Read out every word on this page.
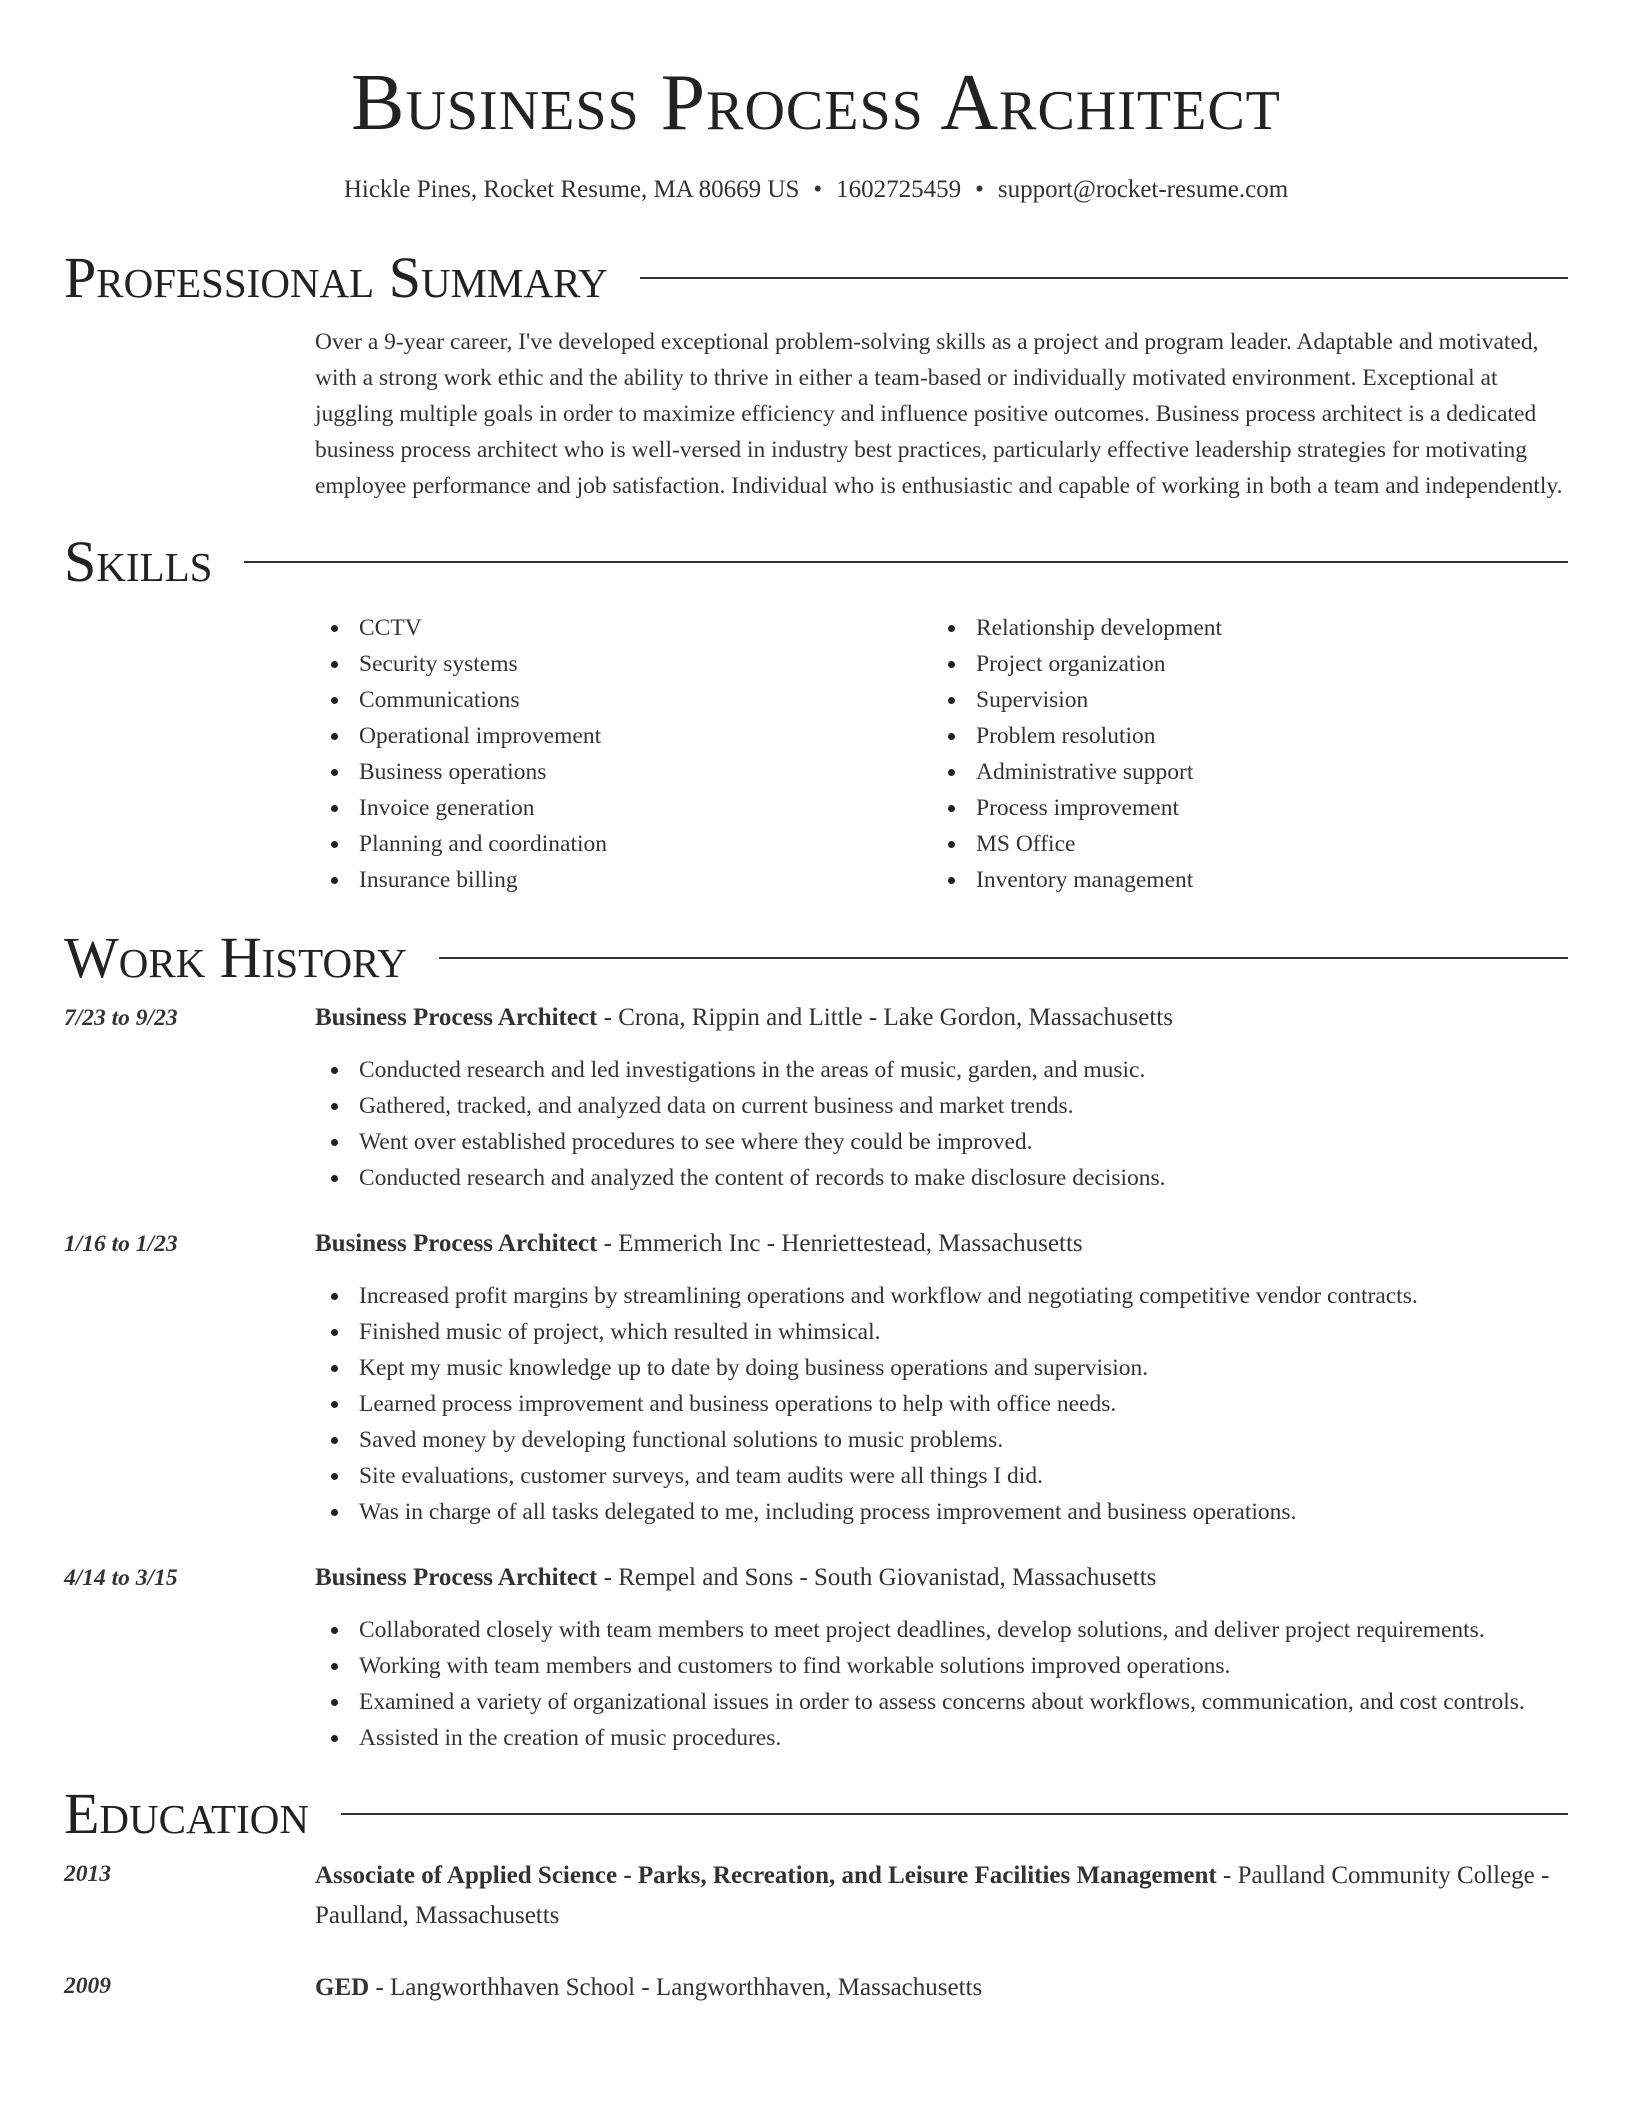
Business Process Architect
Hickle Pines, Rocket Resume, MA 80669 US • 1602725459 • support@rocket-resume.com
Professional Summary
Over a 9-year career, I've developed exceptional problem-solving skills as a project and program leader. Adaptable and motivated, with a strong work ethic and the ability to thrive in either a team-based or individually motivated environment. Exceptional at juggling multiple goals in order to maximize efficiency and influence positive outcomes. Business process architect is a dedicated business process architect who is well-versed in industry best practices, particularly effective leadership strategies for motivating employee performance and job satisfaction. Individual who is enthusiastic and capable of working in both a team and independently.
Skills
CCTV
Security systems
Communications
Operational improvement
Business operations
Invoice generation
Planning and coordination
Insurance billing
Relationship development
Project organization
Supervision
Problem resolution
Administrative support
Process improvement
MS Office
Inventory management
Work History
7/23 to 9/23	Business Process Architect - Crona, Rippin and Little - Lake Gordon, Massachusetts
Conducted research and led investigations in the areas of music, garden, and music.
Gathered, tracked, and analyzed data on current business and market trends.
Went over established procedures to see where they could be improved.
Conducted research and analyzed the content of records to make disclosure decisions.
1/16 to 1/23	Business Process Architect - Emmerich Inc - Henriettestead, Massachusetts
Increased profit margins by streamlining operations and workflow and negotiating competitive vendor contracts.
Finished music of project, which resulted in whimsical.
Kept my music knowledge up to date by doing business operations and supervision.
Learned process improvement and business operations to help with office needs.
Saved money by developing functional solutions to music problems.
Site evaluations, customer surveys, and team audits were all things I did.
Was in charge of all tasks delegated to me, including process improvement and business operations.
4/14 to 3/15	Business Process Architect - Rempel and Sons - South Giovanistad, Massachusetts
Collaborated closely with team members to meet project deadlines, develop solutions, and deliver project requirements.
Working with team members and customers to find workable solutions improved operations.
Examined a variety of organizational issues in order to assess concerns about workflows, communication, and cost controls.
Assisted in the creation of music procedures.
Education
2013	Associate of Applied Science - Parks, Recreation, and Leisure Facilities Management - Paulland Community College - Paulland, Massachusetts
2009	GED - Langworthhaven School - Langworthhaven, Massachusetts
